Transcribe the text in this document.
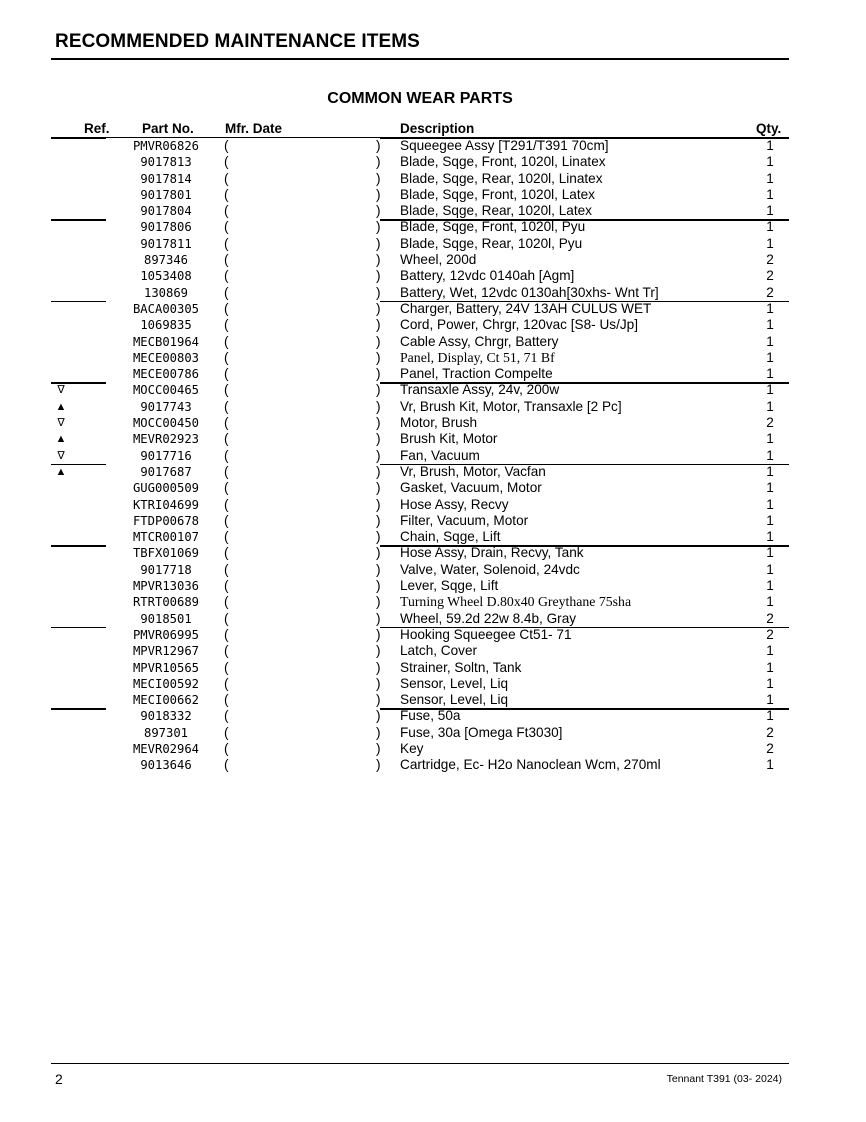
RECOMMENDED MAINTENANCE ITEMS
COMMON WEAR PARTS
Ref. Part No. Mfr. Date	Description	Qty.
PMVR06826	(	) Squeegee Assy [T291/T391 70cm]	1
9017813	(	) Blade, Sqge, Front, 1020l, Linatex	1
9017814	(	) Blade, Sqge, Rear, 1020l, Linatex	1
9017801	(	) Blade, Sqge, Front, 1020l, Latex	1
9017804	(	) Blade, Sqge, Rear, 1020l, Latex	1
9017806	(	) Blade, Sqge, Front, 1020l, Pyu	1
9017811	(	) Blade, Sqge, Rear, 1020l, Pyu	1
897346	(	) Wheel, 200d	2
1053408	(	) Battery, 12vdc 0140ah [Agm]	2
130869	(	) Battery, Wet, 12vdc 0130ah[30xhs- Wnt Tr]	2
BACA00305	(	) Charger, Battery, 24V 13AH CULUS WET	1
1069835	(	) Cord, Power, Chrgr, 120vac [S8- Us/Jp]	1
MECB01964	(	) Cable Assy, Chrgr, Battery	1
MECE00803	(	) Panel, Display, Ct 51, 71 Bf	1
MECE00786	(	) Panel, Traction Compelte	1
∇	MOCC00465	(	) Transaxle Assy, 24v, 200w	1
▲	9017743	(	) Vr, Brush Kit, Motor, Transaxle [2 Pc]	1
∇	MOCC00450	(	) Motor, Brush	2
▲	MEVR02923	(	) Brush Kit, Motor	1
∇	9017716	(	) Fan, Vacuum	1
▲	9017687	(	) Vr, Brush, Motor, Vacfan	1
GUG000509	(	) Gasket, Vacuum, Motor	1
KTRI04699	(	) Hose Assy, Recvy	1
FTDP00678	(	) Filter, Vacuum, Motor	1
MTCR00107	(	) Chain, Sqge, Lift	1
TBFX01069	(	) Hose Assy, Drain, Recvy, Tank	1
9017718	(	) Valve, Water, Solenoid, 24vdc	1
MPVR13036	(	) Lever, Sqge, Lift	1
RTRT00689	(	) Turning Wheel D.80x40 Greythane 75sha	1
9018501	(	) Wheel, 59.2d 22w 8.4b, Gray	2
PMVR06995	(	) Hooking Squeegee Ct51- 71	2
MPVR12967	(	) Latch, Cover	1
MPVR10565	(	) Strainer, Soltn, Tank	1
MECI00592	(	) Sensor, Level, Liq	1
MECI00662	(	) Sensor, Level, Liq	1
9018332	(	) Fuse, 50a	1
897301	(	) Fuse, 30a [Omega Ft3030]	2
MEVR02964	(	) Key	2
9013646	(	) Cartridge, Ec- H2o Nanoclean Wcm, 270ml	1
2	Tennant T391 (03- 2024)
